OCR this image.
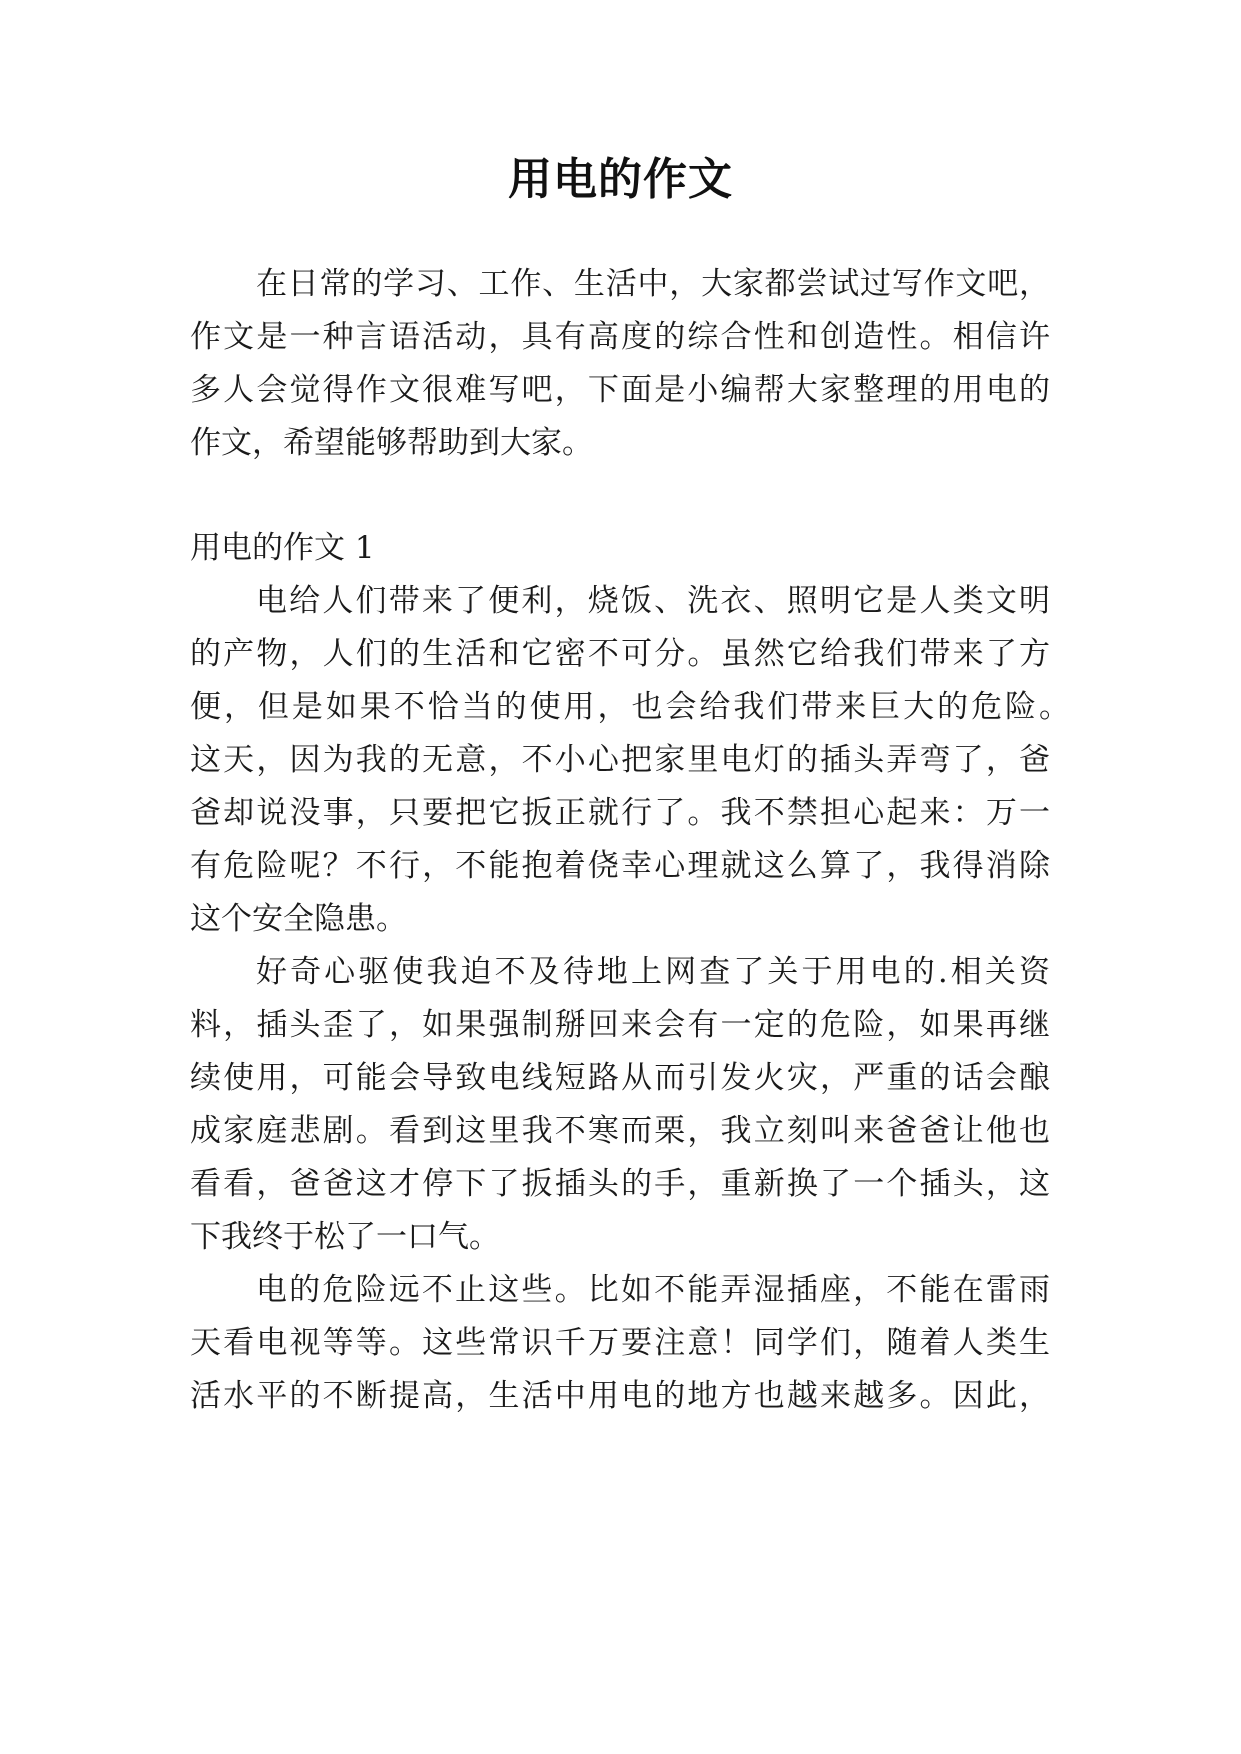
用电的作文
在日常的学习、工作、生活中，大家都尝试过写作文吧，
作文是一种言语活动，具有高度的综合性和创造性。相信许
多人会觉得作文很难写吧，下面是小编帮大家整理的用电的
作文，希望能够帮助到大家。
用电的作文 1
电给人们带来了便利，烧饭、洗衣、照明它是人类文明
的产物，人们的生活和它密不可分。虽然它给我们带来了方
便，但是如果不恰当的使用，也会给我们带来巨大的危险。
这天，因为我的无意，不小心把家里电灯的插头弄弯了，爸
爸却说没事，只要把它扳正就行了。我不禁担心起来：万一
有危险呢？不行，不能抱着侥幸心理就这么算了，我得消除
这个安全隐患。
好奇心驱使我迫不及待地上网查了关于用电的.相关资
料，插头歪了，如果强制掰回来会有一定的危险，如果再继
续使用，可能会导致电线短路从而引发火灾，严重的话会酿
成家庭悲剧。看到这里我不寒而栗，我立刻叫来爸爸让他也
看看，爸爸这才停下了扳插头的手，重新换了一个插头，这
下我终于松了一口气。
电的危险远不止这些。比如不能弄湿插座，不能在雷雨
天看电视等等。这些常识千万要注意！同学们，随着人类生
活水平的不断提高，生活中用电的地方也越来越多。因此，
